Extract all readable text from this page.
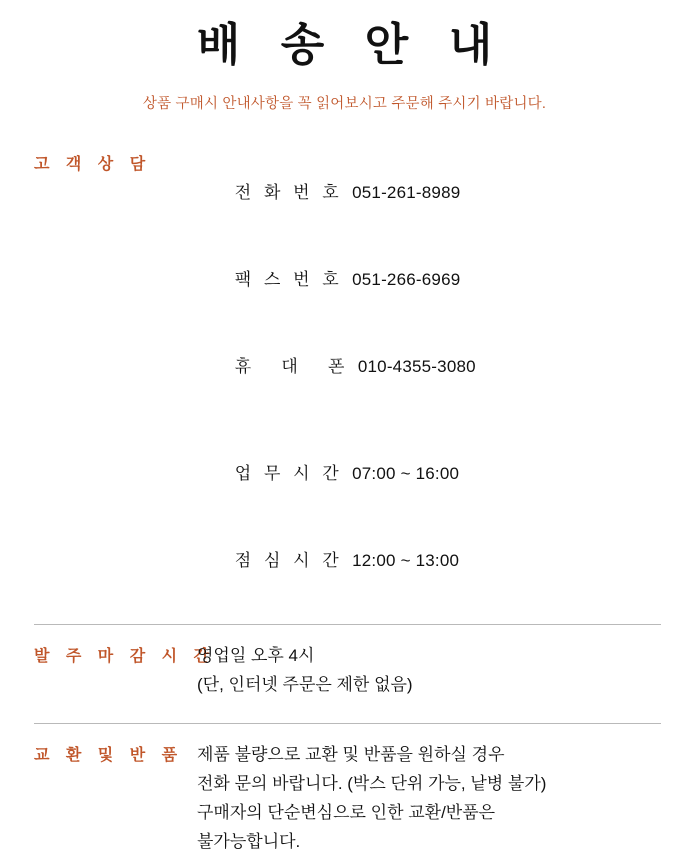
배 송 안 내
상품 구매시 안내사항을 꼭 읽어보시고 주문해 주시기 바랍니다.
고 객 상 담

전 화 번 호 051-261-8989

팩 스 번 호 051-266-6969

휴   대   폰 010-4355-3080

업 무 시 간 07:00 ~ 16:00

점 심 시 간 12:00 ~ 13:00

발 주 마 감 시 간
영업일 오후 4시
(단, 인터넷 주문은 제한 없음)
교 환 및 반 품 제품 불량으로 교환 및 반품을 원하실 경우
전화 문의 바랍니다. (박스 단위 가능, 낱병 불가)
구매자의 단순변심으로 인한 교환/반품은
불가능합니다.
